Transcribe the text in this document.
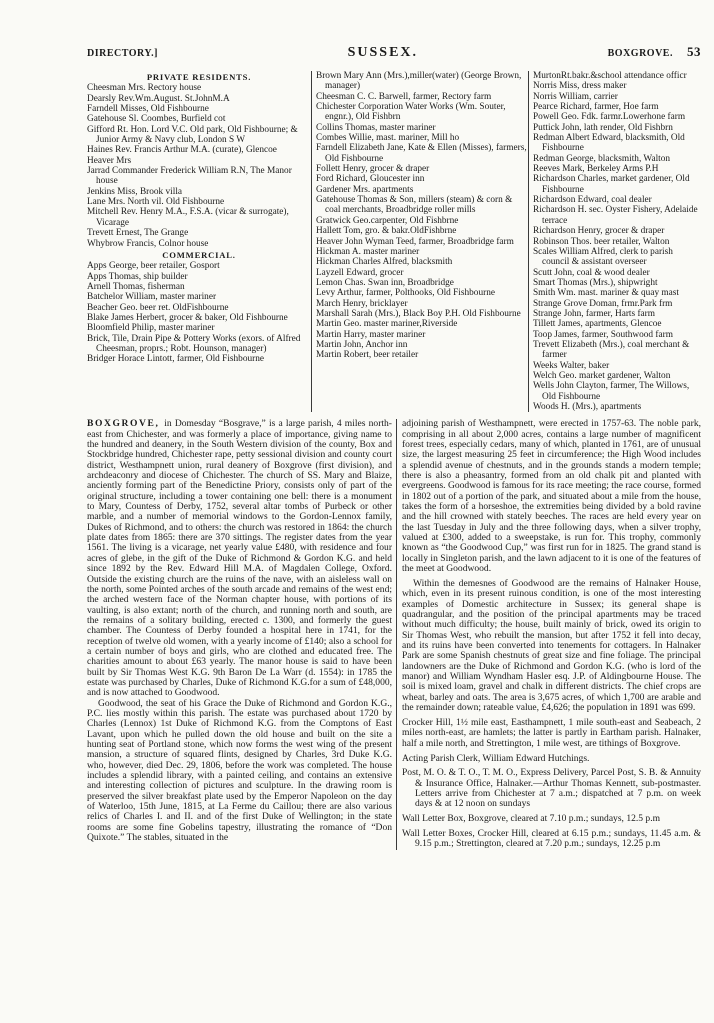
DIRECTORY.]	SUSSEX.	BOXGROVE. 53
PRIVATE RESIDENTS.
Cheesman Mrs. Rectory house
Dearsly Rev.Wm.August. St.JohnM.A
Farndell Misses, Old Fishbourne
Gatehouse Sl. Coombes, Burfield cot
Gifford Rt. Hon. Lord V.C. Old park, Old Fishbourne; & Junior Army & Navy club, London S W
Haines Rev. Francis Arthur M.A. (curate), Glencoe
Heaver Mrs
Jarrad Commander Frederick William R.N, The Manor house
Jenkins Miss, Brook villa
Lane Mrs. North vil. Old Fishbourne
Mitchell Rev. Henry M.A., F.S.A. (vicar & surrogate), Vicarage
Trevett Ernest, The Grange
Whybrow Francis, Colnor house
COMMERCIAL.
Apps George, beer retailer, Gosport
Apps Thomas, ship builder
Arnell Thomas, fisherman
Batchelor William, master mariner
Beacher Geo. beer ret. OldFishbourne
Blake James Herbert, grocer & baker, Old Fishbourne
Bloomfield Philip, master mariner
Brick, Tile, Drain Pipe & Pottery Works (exors. of Alfred Cheesman, proprs.; Robt. Hounson, manager)
Bridger Horace Lintott, farmer, Old Fishbourne
Brown Mary Ann (Mrs.),miller(water) (George Brown, manager)
Cheesman C. C. Barwell, farmer, Rectory farm
Chichester Corporation Water Works (Wm. Souter, engnr.), Old Fishbrn
Collins Thomas, master mariner
Combes Willie, mast. mariner, Mill ho
Farndell Elizabeth Jane, Kate & Ellen (Misses), farmers, Old Fishbourne
Follett Henry, grocer & draper
Ford Richard, Gloucester inn
Gardener Mrs. apartments
Gatehouse Thomas & Son, millers (steam) & corn & coal merchants, Broadbridge roller mills
Gratwick Geo.carpenter, Old Fishbrne
Hallett Tom, gro. & bakr.OldFishbrne
Heaver John Wyman Teed, farmer, Broadbridge farm
Hickman A. master mariner
Hickman Charles Alfred, blacksmith
Layzell Edward, grocer
Lemon Chas. Swan inn, Broadbridge
Levy Arthur, farmer, Polthooks, Old Fishbourne
March Henry, bricklayer
Marshall Sarah (Mrs.), Black Boy P.H. Old Fishbourne
Martin Geo. master mariner,Riverside
Martin Harry, master mariner
Martin John, Anchor inn
Martin Robert, beer retailer
MurtonRt.bakr.&school attendance officr
Norris Miss, dress maker
Norris William, carrier
Pearce Richard, farmer, Hoe farm
Powell Geo. Fdk. farmr.Lowerhone farm
Puttick John, lath render, Old Fishbrn
Redman Albert Edward, blacksmith, Old Fishbourne
Redman George, blacksmith, Walton
Reeves Mark, Berkeley Arms P.H
Richardson Charles, market gardener, Old Fishbourne
Richardson Edward, coal dealer
Richardson H. sec. Oyster Fishery, Adelaide terrace
Richardson Henry, grocer & draper
Robinson Thos. beer retailer, Walton
Scales William Alfred, clerk to parish council & assistant overseer
Scutt John, coal & wood dealer
Smart Thomas (Mrs.), shipwright
Smith Wm. mast. mariner & quay mast
Strange Grove Doman, frmr.Park frm
Strange John, farmer, Harts farm
Tillett James, apartments, Glencoe
Toop James, farmer, Southwood farm
Trevett Elizabeth (Mrs.), coal merchant & farmer
Weeks Walter, baker
Welch Geo. market gardener, Walton
Wells John Clayton, farmer, The Willows, Old Fishbourne
Woods H. (Mrs.), apartments
BOXGROVE, in Domesday “Bosgrave,” is a large parish, 4 miles north-east from Chichester, and was formerly a place of importance, giving name to the hundred and deanery, in the South Western division of the county, Box and Stockbridge hundred, Chichester rape, petty sessional division and county court district, Westhampnett union, rural deanery of Boxgrove (first division), and archdeaconry and diocese of Chichester. The church of SS. Mary and Blaize, anciently forming part of the Benedictine Priory, consists only of part of the original structure, including a tower containing one bell: there is a monument to Mary, Countess of Derby, 1752, several altar tombs of Purbeck or other marble, and a number of memorial windows to the Gordon-Lennox family, Dukes of Richmond, and to others: the church was restored in 1864: the church plate dates from 1865: there are 370 sittings. The register dates from the year 1561. The living is a vicarage, net yearly value £480, with residence and four acres of glebe, in the gift of the Duke of Richmond & Gordon K.G. and held since 1892 by the Rev. Edward Hill M.A. of Magdalen College, Oxford. Outside the existing church are the ruins of the nave, with an aisleless wall on the north, some Pointed arches of the south arcade and remains of the west end; the arched western face of the Norman chapter house, with portions of its vaulting, is also extant; north of the church, and running north and south, are the remains of a solitary building, erected c. 1300, and formerly the guest chamber. The Countess of Derby founded a hospital here in 1741, for the reception of twelve old women, with a yearly income of £140; also a school for a certain number of boys and girls, who are clothed and educated free. The charities amount to about £63 yearly. The manor house is said to have been built by Sir Thomas West K.G. 9th Baron De La Warr (d. 1554): in 1785 the estate was purchased by Charles, Duke of Richmond K.G.for a sum of £48,000, and is now attached to Goodwood.
Goodwood, the seat of his Grace the Duke of Richmond and Gordon K.G., P.C. lies mostly within this parish. The estate was purchased about 1720 by Charles (Lennox) 1st Duke of Richmond K.G. from the Comptons of East Lavant, upon which he pulled down the old house and built on the site a hunting seat of Portland stone, which now forms the west wing of the present mansion, a structure of squared flints, designed by Charles, 3rd Duke K.G. who, however, died Dec. 29, 1806, before the work was completed. The house includes a splendid library, with a painted ceiling, and contains an extensive and interesting collection of pictures and sculpture. In the drawing room is preserved the silver breakfast plate used by the Emperor Napoleon on the day of Waterloo, 15th June, 1815, at La Ferme du Caillou; there are also various relics of Charles I. and II. and of the first Duke of Wellington; in the state rooms are some fine Gobelins tapestry, illustrating the romance of “Don Quixote.” The stables, situated in the
adjoining parish of Westhampnett, were erected in 1757-63. The noble park, comprising in all about 2,000 acres, contains a large number of magnificent forest trees, especially cedars, many of which, planted in 1761, are of unusual size, the largest measuring 25 feet in circumference; the High Wood includes a splendid avenue of chestnuts, and in the grounds stands a modern temple; there is also a pheasantry, formed from an old chalk pit and planted with evergreens. Goodwood is famous for its race meeting; the race course, formed in 1802 out of a portion of the park, and situated about a mile from the house, takes the form of a horseshoe, the extremities being divided by a bold ravine and the hill crowned with stately beeches. The races are held every year on the last Tuesday in July and the three following days, when a silver trophy, valued at £300, added to a sweepstake, is run for. This trophy, commonly known as “the Goodwood Cup,” was first run for in 1825. The grand stand is locally in Singleton parish, and the lawn adjacent to it is one of the features of the meet at Goodwood.
Within the demesnes of Goodwood are the remains of Halnaker House, which, even in its present ruinous condition, is one of the most interesting examples of Domestic architecture in Sussex; its general shape is quadrangular, and the position of the principal apartments may be traced without much difficulty; the house, built mainly of brick, owed its origin to Sir Thomas West, who rebuilt the mansion, but after 1752 it fell into decay, and its ruins have been converted into tenements for cottagers. In Halnaker Park are some Spanish chestnuts of great size and fine foliage. The principal landowners are the Duke of Richmond and Gordon K.G. (who is lord of the manor) and William Wyndham Hasler esq. J.P. of Aldingbourne House. The soil is mixed loam, gravel and chalk in different districts. The chief crops are wheat, barley and oats. The area is 3,675 acres, of which 1,700 are arable and the remainder down; rateable value, £4,626; the population in 1891 was 699.
Crocker Hill, 1½ mile east, Easthampnett, 1 mile south-east and Seabeach, 2 miles north-east, are hamlets; the latter is partly in Eartham parish. Halnaker, half a mile north, and Strettington, 1 mile west, are tithings of Boxgrove.
Acting Parish Clerk, William Edward Hutchings.
Post, M. O. & T. O., T. M. O., Express Delivery, Parcel Post, S. B. & Annuity & Insurance Office, Halnaker.—Arthur Thomas Kennett, sub-postmaster. Letters arrive from Chichester at 7 a.m.; dispatched at 7 p.m. on week days & at 12 noon on sundays
Wall Letter Box, Boxgrove, cleared at 7.10 p.m.; sundays, 12.5 p.m
Wall Letter Boxes, Crocker Hill, cleared at 6.15 p.m.; sundays, 11.45 a.m. & 9.15 p.m.; Strettington, cleared at 7.20 p.m.; sundays, 12.25 p.m
